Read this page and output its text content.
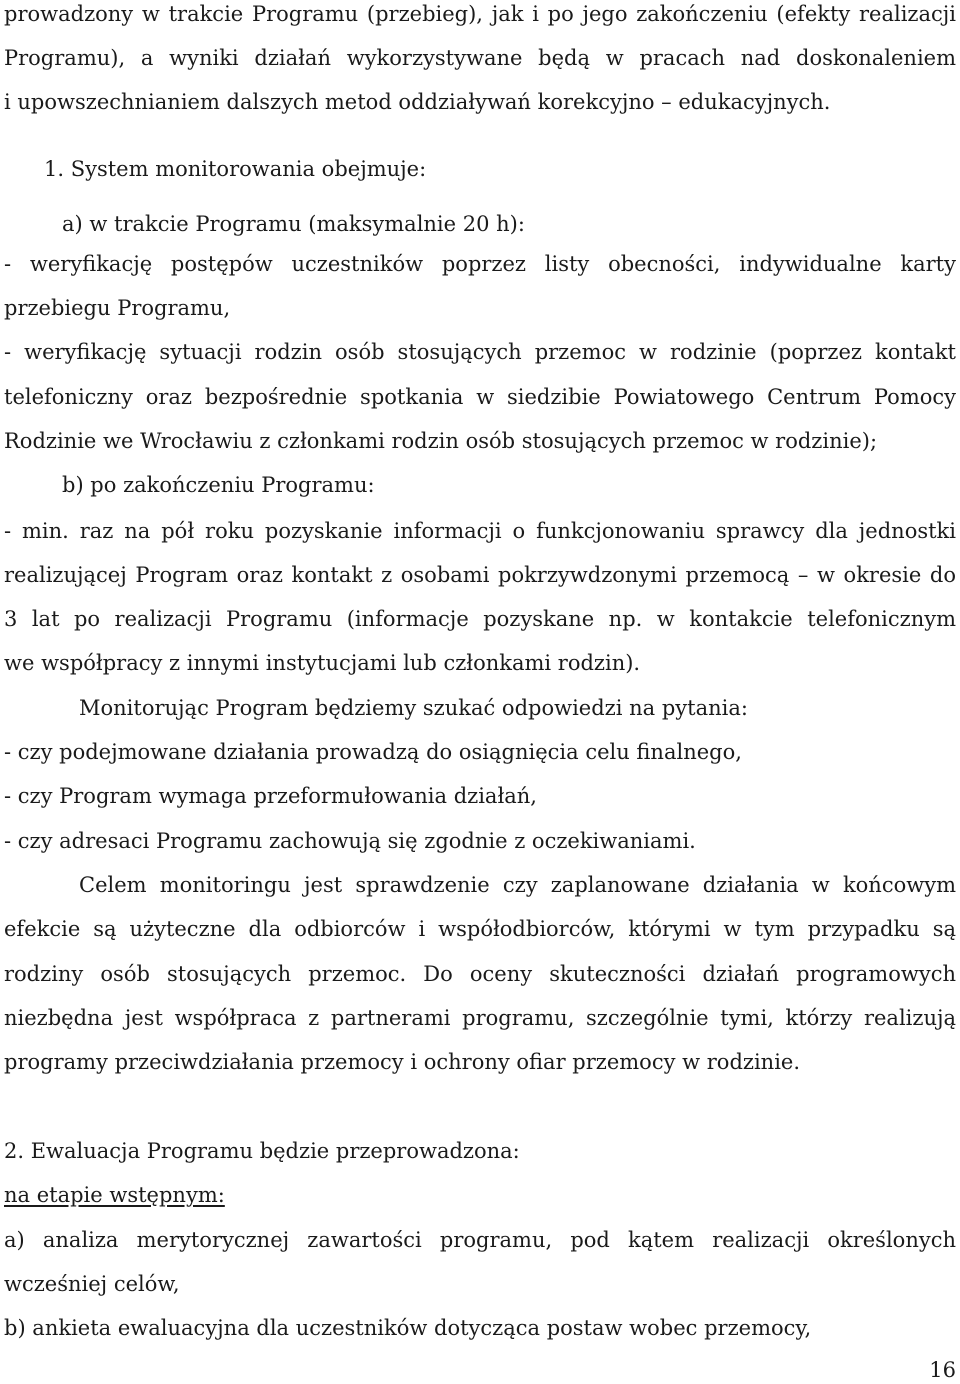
prowadzony w trakcie Programu (przebieg), jak i po jego zakończeniu (efekty realizacji
Programu), a wyniki działań wykorzystywane będą w pracach nad doskonaleniem
i upowszechnianiem dalszych metod oddziaływań korekcyjno – edukacyjnych.
1. System monitorowania obejmuje:
a) w trakcie Programu (maksymalnie 20 h):
- weryfikację postępów uczestników poprzez listy obecności, indywidualne karty
przebiegu Programu,
- weryfikację sytuacji rodzin osób stosujących przemoc w rodzinie (poprzez kontakt
telefoniczny oraz bezpośrednie spotkania w siedzibie Powiatowego Centrum Pomocy
Rodzinie we Wrocławiu z członkami rodzin osób stosujących przemoc w rodzinie);
b) po zakończeniu Programu:
- min. raz na pół roku pozyskanie informacji o funkcjonowaniu sprawcy dla jednostki
realizującej Program oraz kontakt z osobami pokrzywdzonymi przemocą – w okresie do
3 lat po realizacji Programu (informacje pozyskane np. w kontakcie telefonicznym
we współpracy z innymi instytucjami lub członkami rodzin).
Monitorując Program będziemy szukać odpowiedzi na pytania:
- czy podejmowane działania prowadzą do osiągnięcia celu finalnego,
- czy Program wymaga przeformułowania działań,
- czy adresaci Programu zachowują się zgodnie z oczekiwaniami.
Celem monitoringu jest sprawdzenie czy zaplanowane działania w końcowym
efekcie są użyteczne dla odbiorców i współodbiorców, którymi w tym przypadku są
rodziny osób stosujących przemoc. Do oceny skuteczności działań programowych
niezbędna jest współpraca z partnerami programu, szczególnie tymi, którzy realizują
programy przeciwdziałania przemocy i ochrony ofiar przemocy w rodzinie.
2. Ewaluacja Programu będzie przeprowadzona:
na etapie wstępnym:
a) analiza merytorycznej zawartości programu, pod kątem realizacji określonych
wcześniej celów,
b) ankieta ewaluacyjna dla uczestników dotycząca postaw wobec przemocy,
16
